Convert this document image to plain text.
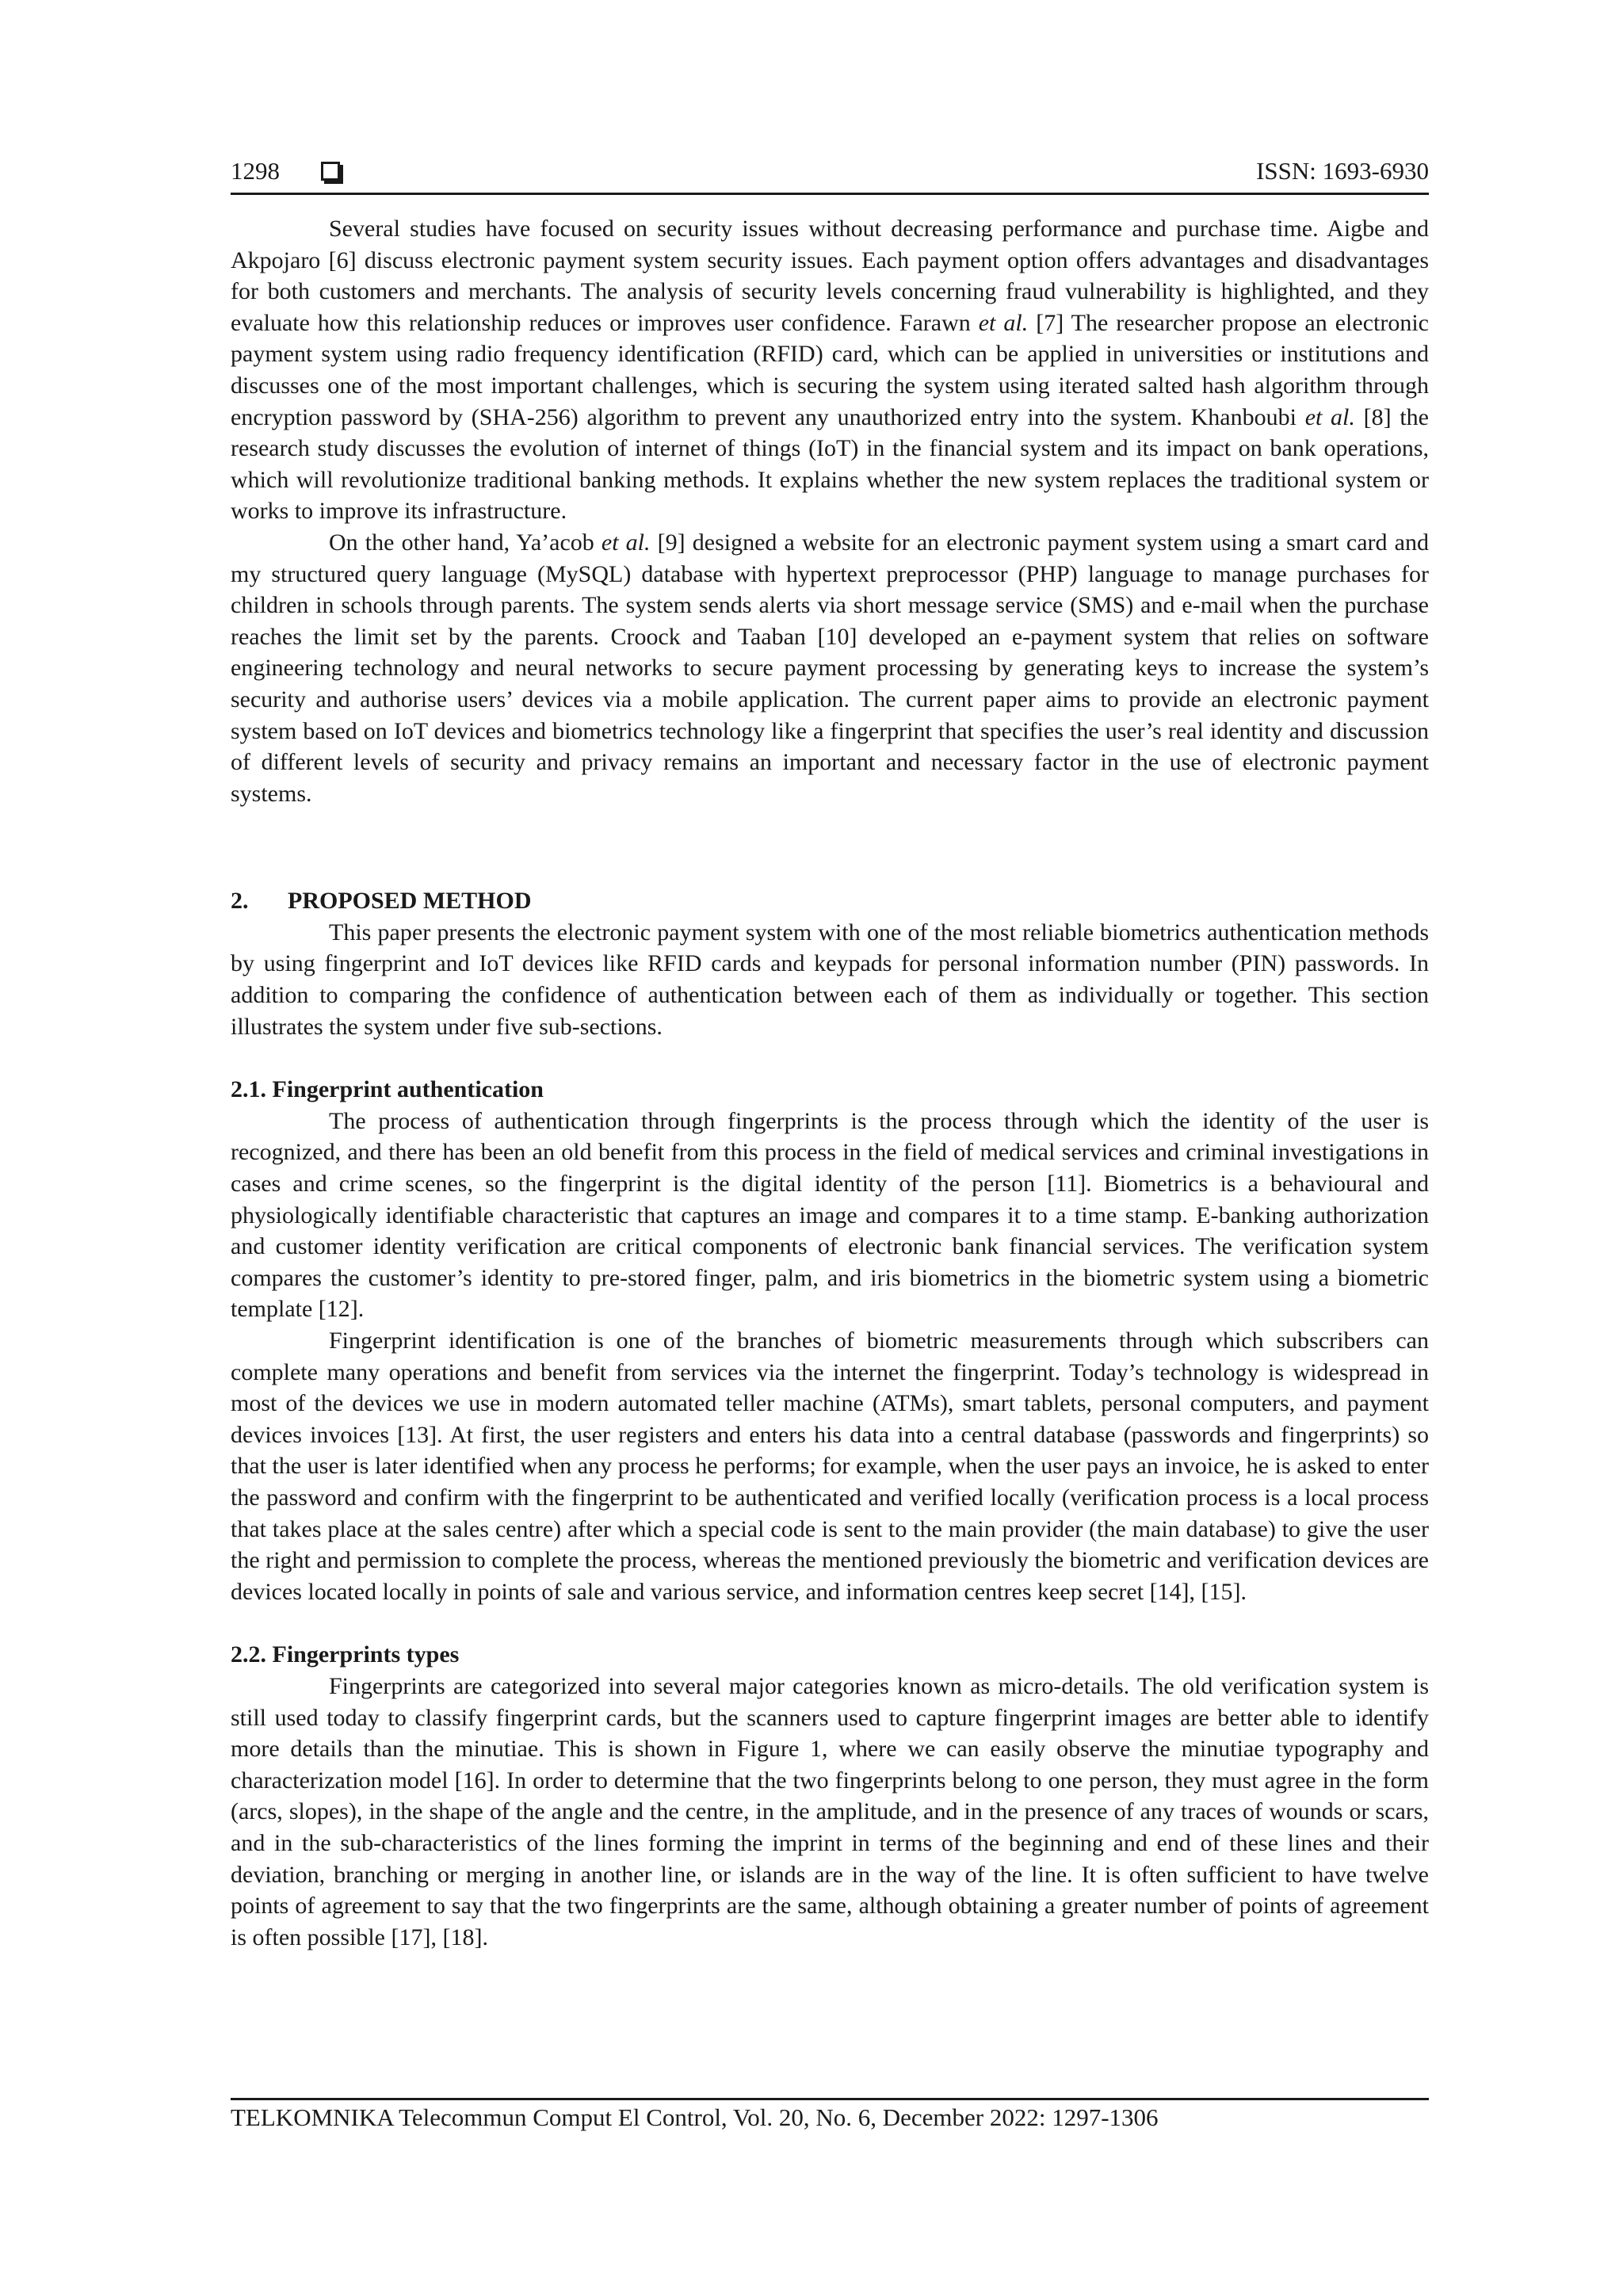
1298	ISSN: 1693-6930

Several studies have focused on security issues without decreasing performance and purchase time. Aigbe and Akpojaro [6] discuss electronic payment system security issues. Each payment option offers advantages and disadvantages for both customers and merchants. The analysis of security levels concerning fraud vulnerability is highlighted, and they evaluate how this relationship reduces or improves user confidence. Farawn et al. [7] The researcher propose an electronic payment system using radio frequency identification (RFID) card, which can be applied in universities or institutions and discusses one of the most important challenges, which is securing the system using iterated salted hash algorithm through encryption password by (SHA-256) algorithm to prevent any unauthorized entry into the system. Khanboubi et al. [8] the research study discusses the evolution of internet of things (IoT) in the financial system and its impact on bank operations, which will revolutionize traditional banking methods. It explains whether the new system replaces the traditional system or works to improve its infrastructure.

On the other hand, Ya’acob et al. [9] designed a website for an electronic payment system using a smart card and my structured query language (MySQL) database with hypertext preprocessor (PHP) language to manage purchases for children in schools through parents. The system sends alerts via short message service (SMS) and e-mail when the purchase reaches the limit set by the parents. Croock and Taaban [10] developed an e-payment system that relies on software engineering technology and neural networks to secure payment processing by generating keys to increase the system’s security and authorise users’ devices via a mobile application. The current paper aims to provide an electronic payment system based on IoT devices and biometrics technology like a fingerprint that specifies the user’s real identity and discussion of different levels of security and privacy remains an important and necessary factor in the use of electronic payment systems.

2. PROPOSED METHOD

This paper presents the electronic payment system with one of the most reliable biometrics authentication methods by using fingerprint and IoT devices like RFID cards and keypads for personal information number (PIN) passwords. In addition to comparing the confidence of authentication between each of them as individually or together. This section illustrates the system under five sub-sections.

2.1. Fingerprint authentication

The process of authentication through fingerprints is the process through which the identity of the user is recognized, and there has been an old benefit from this process in the field of medical services and criminal investigations in cases and crime scenes, so the fingerprint is the digital identity of the person [11]. Biometrics is a behavioural and physiologically identifiable characteristic that captures an image and compares it to a time stamp. E-banking authorization and customer identity verification are critical components of electronic bank financial services. The verification system compares the customer’s identity to pre-stored finger, palm, and iris biometrics in the biometric system using a biometric template [12].

Fingerprint identification is one of the branches of biometric measurements through which subscribers can complete many operations and benefit from services via the internet the fingerprint. Today’s technology is widespread in most of the devices we use in modern automated teller machine (ATMs), smart tablets, personal computers, and payment devices invoices [13]. At first, the user registers and enters his data into a central database (passwords and fingerprints) so that the user is later identified when any process he performs; for example, when the user pays an invoice, he is asked to enter the password and confirm with the fingerprint to be authenticated and verified locally (verification process is a local process that takes place at the sales centre) after which a special code is sent to the main provider (the main database) to give the user the right and permission to complete the process, whereas the mentioned previously the biometric and verification devices are devices located locally in points of sale and various service, and information centres keep secret [14], [15].

2.2. Fingerprints types

Fingerprints are categorized into several major categories known as micro-details. The old verification system is still used today to classify fingerprint cards, but the scanners used to capture fingerprint images are better able to identify more details than the minutiae. This is shown in Figure 1, where we can easily observe the minutiae typography and characterization model [16]. In order to determine that the two fingerprints belong to one person, they must agree in the form (arcs, slopes), in the shape of the angle and the centre, in the amplitude, and in the presence of any traces of wounds or scars, and in the sub-characteristics of the lines forming the imprint in terms of the beginning and end of these lines and their deviation, branching or merging in another line, or islands are in the way of the line. It is often sufficient to have twelve points of agreement to say that the two fingerprints are the same, although obtaining a greater number of points of agreement is often possible [17], [18].

TELKOMNIKA Telecommun Comput El Control, Vol. 20, No. 6, December 2022: 1297-1306
